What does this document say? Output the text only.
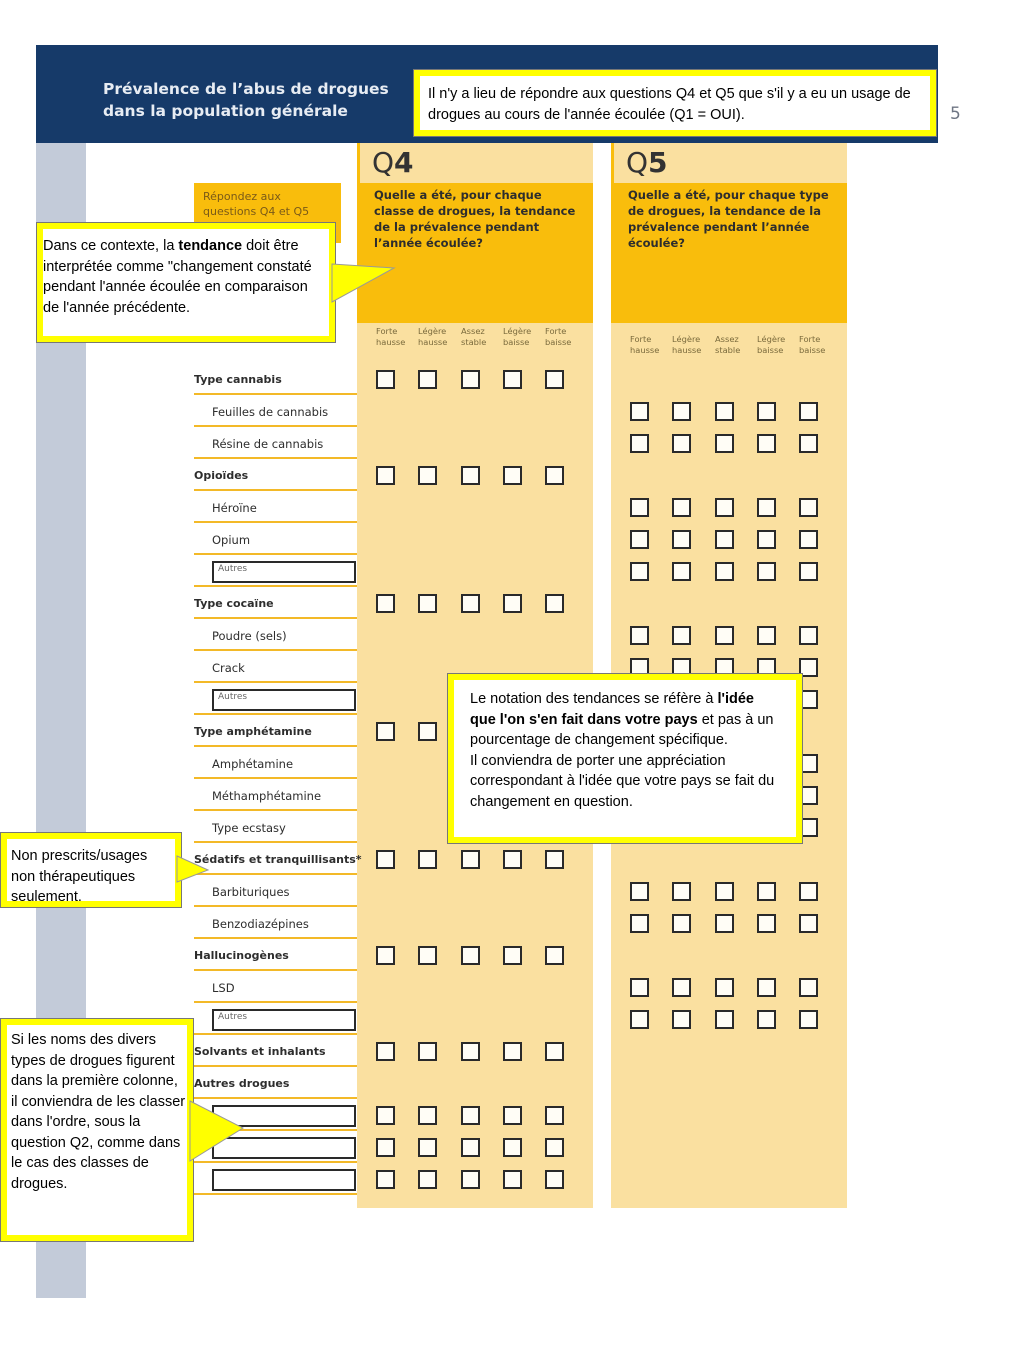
Prévalence de l’abus de drogues
dans la population générale	5
Répondez aux
questions Q4 et Q5
Q4
Quelle a été, pour chaque classe de drogues, la tendance de la prévalence pendant l’année écoulée?
Q5
Quelle a été, pour chaque type de drogues, la tendance de la prévalence pendant l’année écoulée?
Forte hausse
Légère hausse
Assez stable
Légère baisse
Forte baisse	Forte hausse
Légère hausse
Assez stable
Légère baisse
Forte baisse
Type cannabis
Feuilles de cannabis
Résine de cannabis
Opioïdes
Héroïne
Opium
Autres
Type cocaïne
Poudre (sels)
Crack
Autres
Type amphétamine
Amphétamine
Méthamphétamine
Type ecstasy
Sédatifs et tranquillisants*
Barbituriques
Benzodiazépines
Hallucinogènes
LSD
Autres
Solvants et inhalants
Autres drogues
Il n'y a lieu de répondre aux questions Q4 et Q5 que s'il y a eu un usage de drogues au cours de l'année écoulée (Q1 = OUI).
Dans ce contexte, la tendance doit être interprétée comme "changement constaté pendant l'année écoulée en comparaison de l'année précédente.
Le notation des tendances se réfère à l'idée que l'on s'en fait dans votre pays et pas à un pourcentage de changement spécifique.
Il conviendra de porter une appréciation correspondant à l'idée que votre pays se fait du changement en question.
Non prescrits/usages non thérapeutiques seulement.
Si les noms des divers types de drogues figurent dans la première colonne, il conviendra de les classer dans l'ordre, sous la question Q2, comme dans le cas des classes de drogues.
